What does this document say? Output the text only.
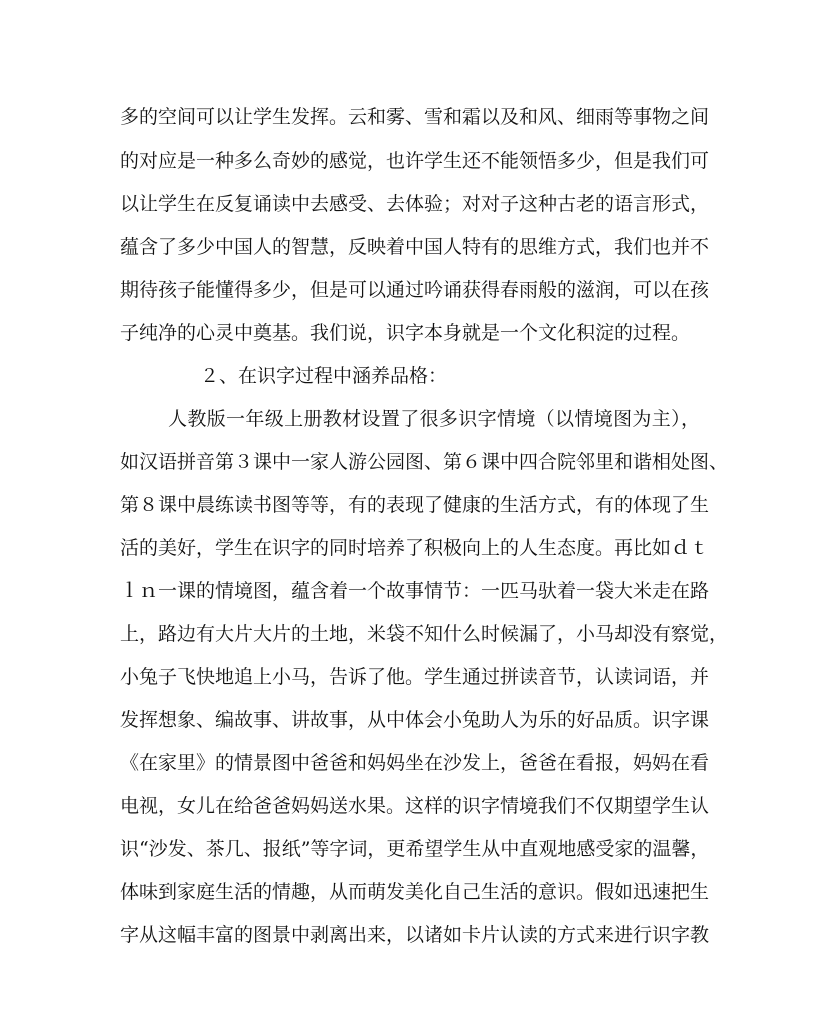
多的空间可以让学生发挥。云和雾、雪和霜以及和风、细雨等事物之间
的对应是一种多么奇妙的感觉，也许学生还不能领悟多少，但是我们可
以让学生在反复诵读中去感受、去体验；对对子这种古老的语言形式，
蕴含了多少中国人的智慧，反映着中国人特有的思维方式，我们也并不
期待孩子能懂得多少，但是可以通过吟诵获得春雨般的滋润，可以在孩
子纯净的心灵中奠基。我们说，识字本身就是一个文化积淀的过程。
２、在识字过程中涵养品格：
人教版一年级上册教材设置了很多识字情境（以情境图为主），
如汉语拼音第３课中一家人游公园图、第６课中四合院邻里和谐相处图、
第８课中晨练读书图等等，有的表现了健康的生活方式，有的体现了生
活的美好，学生在识字的同时培养了积极向上的人生态度。再比如ｄｔ
ｌｎ一课的情境图，蕴含着一个故事情节：一匹马驮着一袋大米走在路
上，路边有大片大片的土地，米袋不知什么时候漏了，小马却没有察觉，
小兔子飞快地追上小马，告诉了他。学生通过拼读音节，认读词语，并
发挥想象、编故事、讲故事，从中体会小兔助人为乐的好品质。识字课
《在家里》的情景图中爸爸和妈妈坐在沙发上，爸爸在看报，妈妈在看
电视，女儿在给爸爸妈妈送水果。这样的识字情境我们不仅期望学生认
识“沙发、茶几、报纸”等字词，更希望学生从中直观地感受家的温馨，
体味到家庭生活的情趣，从而萌发美化自己生活的意识。假如迅速把生
字从这幅丰富的图景中剥离出来，以诸如卡片认读的方式来进行识字教
